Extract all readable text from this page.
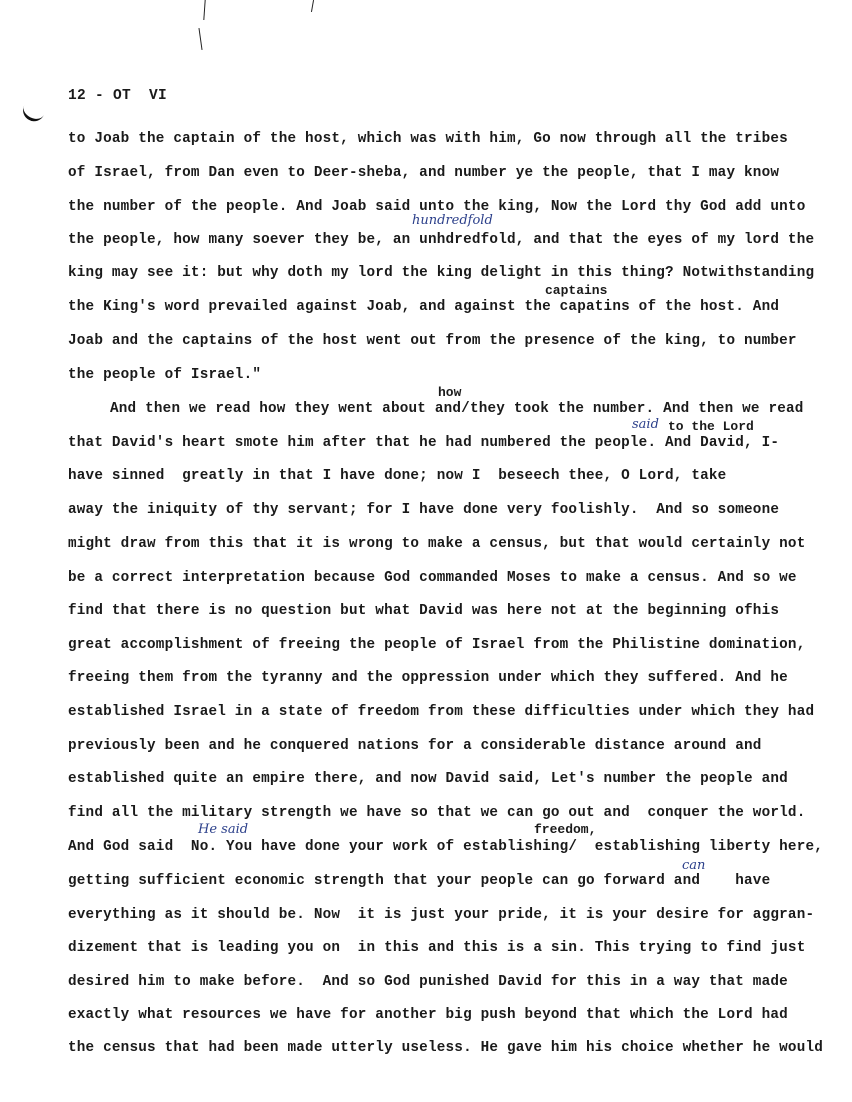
12 - OT  VI
to Joab the captain of the host, which was with him, Go now through all the tribes
of Israel, from Dan even to Deer-sheba, and number ye the people, that I may know
the number of the people. And Joab said unto the king, Now the Lord thy God add unto
the people, how many soever they be, an unhdredfold, and that the eyes of my lord the
king may see it: but why doth my lord the king delight in this thing? Notwithstanding
the King's word prevailed against Joab, and against the capatins of the host. And
Joab and the captains of the host went out from the presence of the king, to number
the people of Israel."
And then we read how they went about and/they took the number. And then we read
that David's heart smote him after that he had numbered the people. And David, I-
have sinned  greatly in that I have done; now I  beseech thee, O Lord, take
away the iniquity of thy servant; for I have done very foolishly.  And so someone
might draw from this that it is wrong to make a census, but that would certainly not
be a correct interpretation because God commanded Moses to make a census. And so we
find that there is no question but what David was here not at the beginning ofhis
great accomplishment of freeing the people of Israel from the Philistine domination,
freeing them from the tyranny and the oppression under which they suffered. And he
established Israel in a state of freedom from these difficulties under which they had
previously been and he conquered nations for a considerable distance around and
established quite an empire there, and now David said, Let's number the people and
find all the military strength we have so that we can go out and  conquer the world.
And God said  No. You have done your work of establishing/  establishing liberty here,
getting sufficient economic strength that your people can go forward and    have
everything as it should be. Now  it is just your pride, it is your desire for aggran-
dizement that is leading you on  in this and this is a sin. This trying to find just
exactly what resources we have for another big push beyond that which the Lord had
desired him to make before.  And so God punished David for this in a way that made
the census that had been made utterly useless. He gave him his choice whether he would
hundredfold
captains
how
said to the Lord
freedom,
He said
can
